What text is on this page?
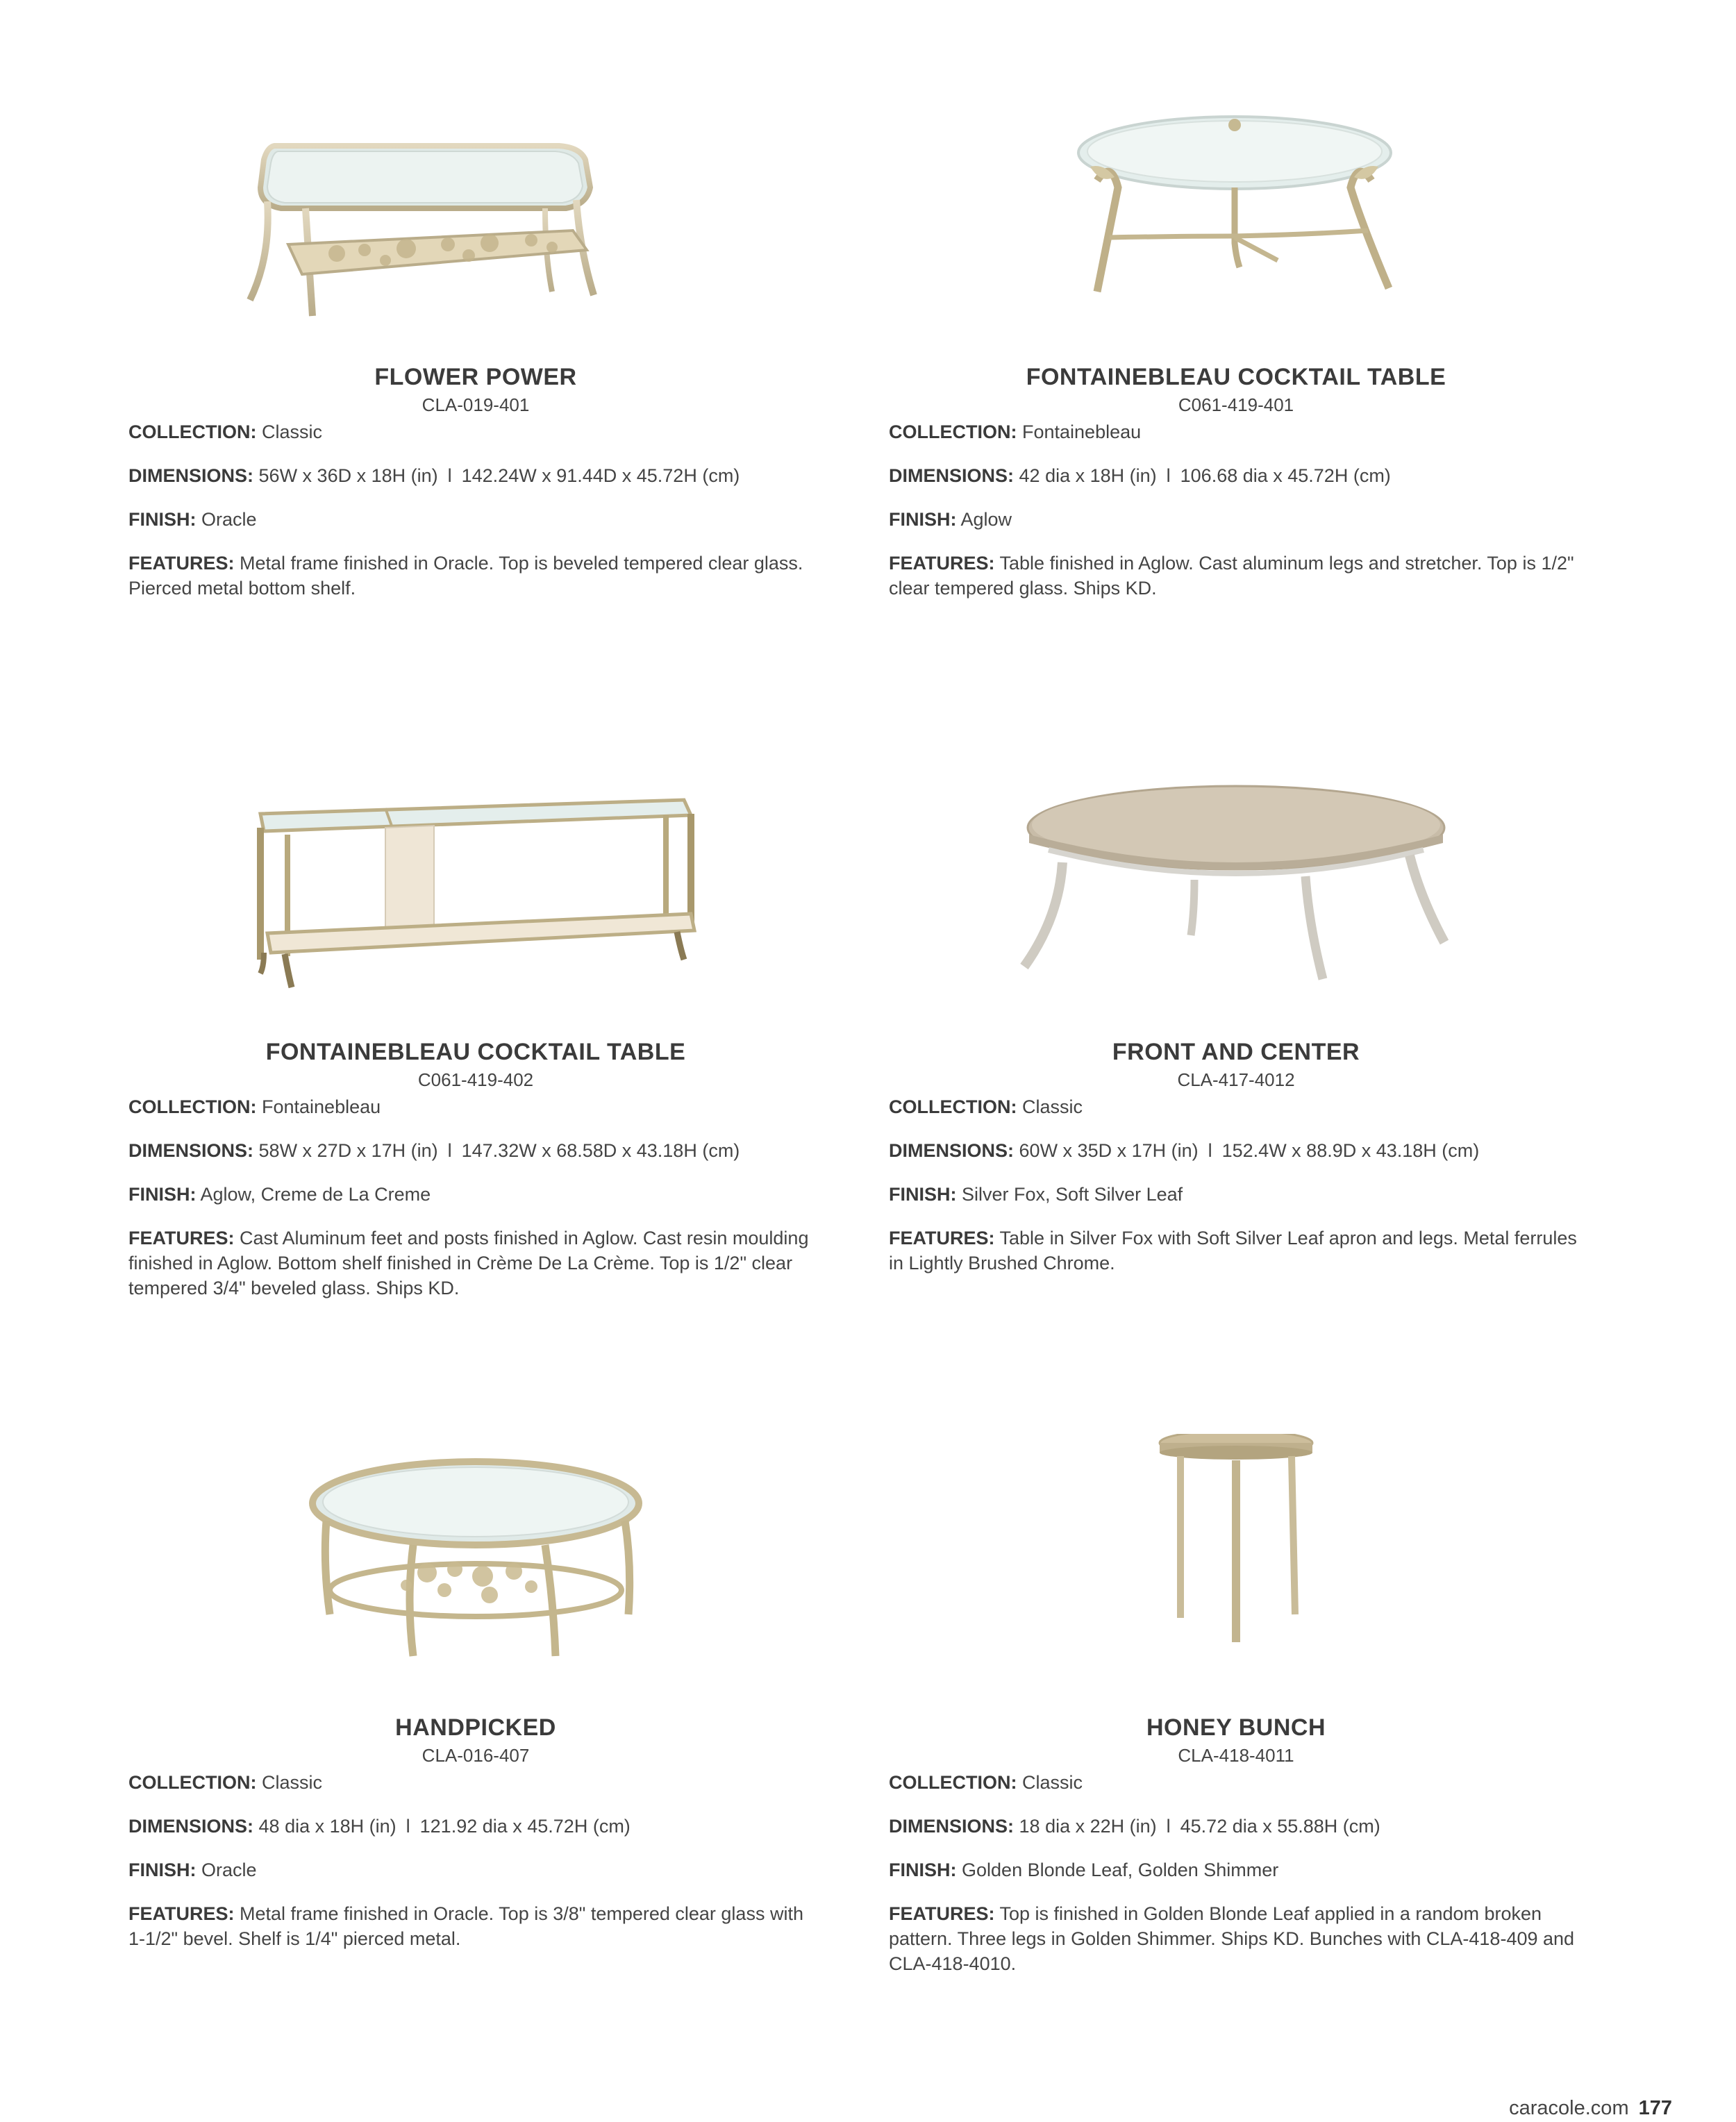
FLOWER POWER
CLA-019-401
COLLECTION: Classic
DIMENSIONS: 56W x 36D x 18H (in) l 142.24W x 91.44D x 45.72H (cm)
FINISH: Oracle
FEATURES: Metal frame finished in Oracle. Top is beveled tempered clear glass. Pierced metal bottom shelf.
FONTAINEBLEAU COCKTAIL TABLE
C061-419-401
COLLECTION: Fontainebleau
DIMENSIONS: 42 dia x 18H (in) l 106.68 dia x 45.72H (cm)
FINISH: Aglow
FEATURES: Table finished in Aglow. Cast aluminum legs and stretcher. Top is 1/2" clear tempered glass. Ships KD.
FONTAINEBLEAU COCKTAIL TABLE
C061-419-402
COLLECTION: Fontainebleau
DIMENSIONS: 58W x 27D x 17H (in) l 147.32W x 68.58D x 43.18H (cm)
FINISH: Aglow, Creme de La Creme
FEATURES: Cast Aluminum feet and posts finished in Aglow. Cast resin moulding finished in Aglow. Bottom shelf finished in Crème De La Crème. Top is 1/2" clear tempered 3/4" beveled glass. Ships KD.
FRONT AND CENTER
CLA-417-4012
COLLECTION: Classic
DIMENSIONS: 60W x 35D x 17H (in) l 152.4W x 88.9D x 43.18H (cm)
FINISH: Silver Fox, Soft Silver Leaf
FEATURES: Table in Silver Fox with Soft Silver Leaf apron and legs. Metal ferrules in Lightly Brushed Chrome.
HANDPICKED
CLA-016-407
COLLECTION: Classic
DIMENSIONS: 48 dia x 18H (in) l 121.92 dia x 45.72H (cm)
FINISH: Oracle
FEATURES: Metal frame finished in Oracle. Top is 3/8" tempered clear glass with 1-1/2" bevel. Shelf is 1/4" pierced metal.
HONEY BUNCH
CLA-418-4011
COLLECTION: Classic
DIMENSIONS: 18 dia x 22H (in) l 45.72 dia x 55.88H (cm)
FINISH: Golden Blonde Leaf, Golden Shimmer
FEATURES: Top is finished in Golden Blonde Leaf applied in a random broken pattern. Three legs in Golden Shimmer. Ships KD. Bunches with CLA-418-409 and CLA-418-4010.
caracole.com 177
